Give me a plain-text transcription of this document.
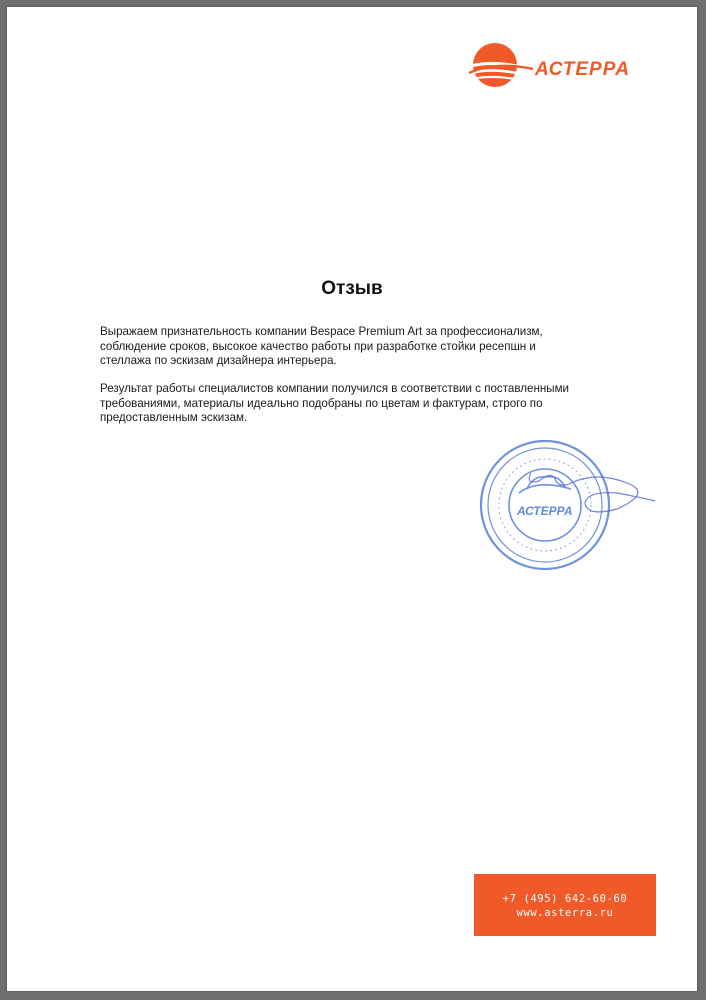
АСТЕРРА
Отзыв

Выражаем признательность компании Bespace Premium Art за профессионализм, соблюдение сроков, высокое качество работы при разработке стойки ресепшн и стеллажа по эскизам дизайнера интерьера.

Результат работы специалистов компании получился в соответствии с поставленными требованиями, материалы идеально подобраны по цветам и фактурам, строго по предоставленным эскизам.

АСТЕРРА
+7 (495) 642-60-60
www.asterra.ru
